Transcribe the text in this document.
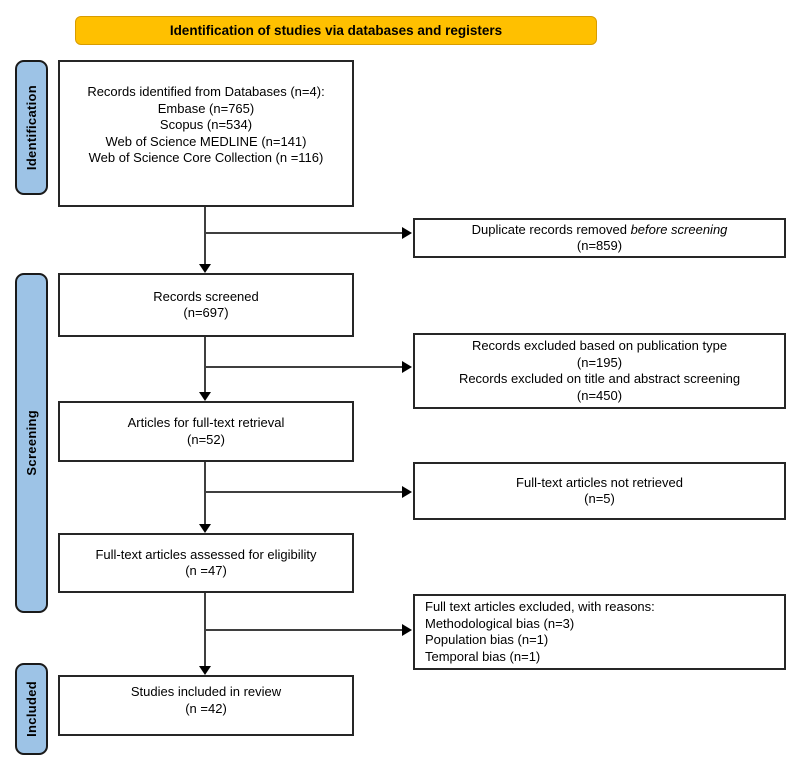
Identification of studies via databases and registers
Identification
Screening
Included
Records identified from Databases (n=4):
Embase (n=765)
Scopus (n=534)
Web of Science MEDLINE (n=141)
Web of Science Core Collection (n =116)
Records screened
(n=697)
Articles for full-text retrieval
(n=52)
Full-text articles assessed for eligibility
(n =47)
Studies included in review
(n =42)
Duplicate records removed before screening
(n=859)
Records excluded based on publication type
(n=195)
Records excluded on title and abstract screening
(n=450)
Full-text articles not retrieved
(n=5)
Full text articles excluded, with reasons:
Methodological bias (n=3)
Population bias (n=1)
Temporal bias (n=1)
